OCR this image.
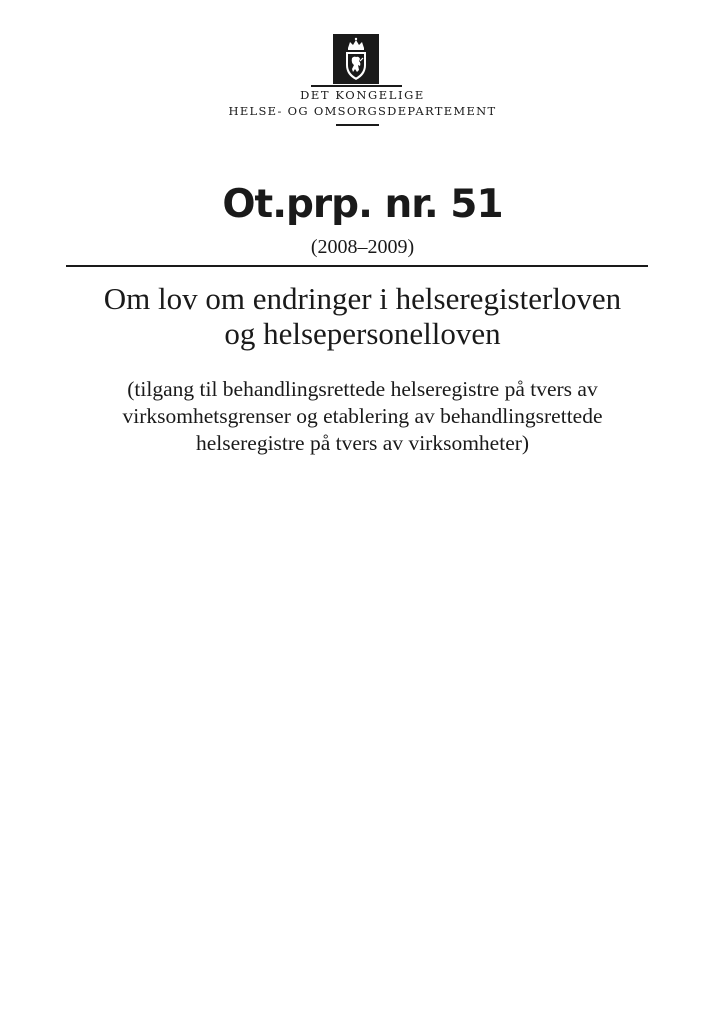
DET KONGELIGE
HELSE- OG OMSORGSDEPARTEMENT
Ot.prp. nr. 51
(2008–2009)
Om lov om endringer i helseregisterloven
og helsepersonelloven
(tilgang til behandlingsrettede helseregistre på tvers av
virksomhetsgrenser og etablering av behandlingsrettede
helseregistre på tvers av virksomheter)
